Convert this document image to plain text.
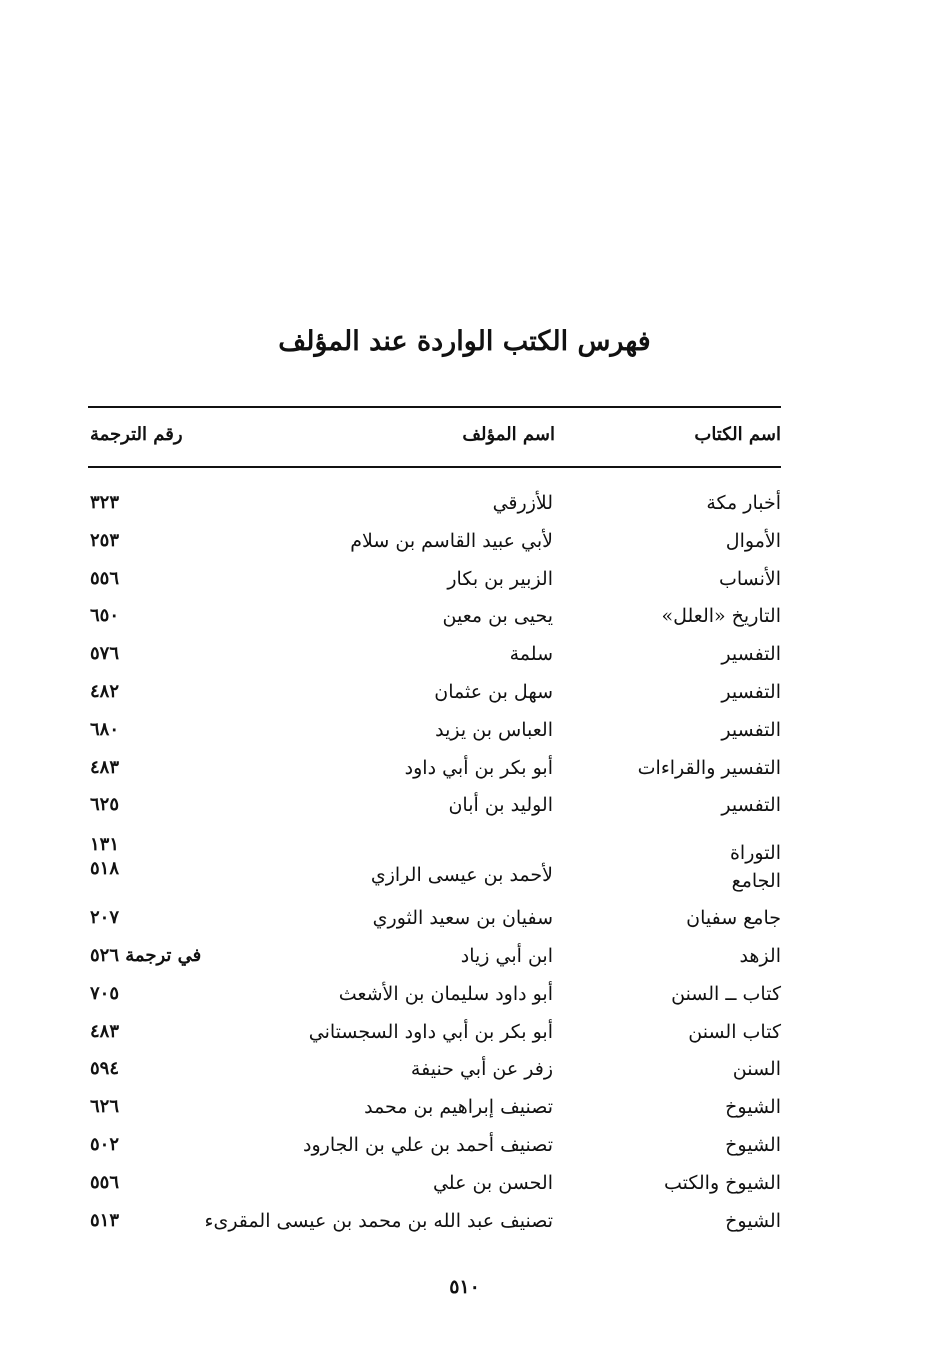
فهرس الكتب الواردة عند المؤلف
اسم الكتاب
اسم المؤلف
رقم الترجمة
أخبار مكة
للأزرقي
٣٢٣
الأموال
لأبي عبيد القاسم بن سلام
٢٥٣
الأنساب
الزبير بن بكار
٥٥٦
التاريخ «العلل»
يحيى بن معين
٦٥٠
التفسير
سلمة
٥٧٦
التفسير
سهل بن عثمان
٤٨٢
التفسير
العباس بن يزيد
٦٨٠
التفسير والقراءات
أبو بكر بن أبي داود
٤٨٣
التفسير
الوليد بن أبان
٦٢٥
التوراة
١٣١
الجامع
لأحمد بن عيسى الرازي
٥١٨
جامع سفيان
سفيان بن سعيد الثوري
٢٠٧
الزهد
ابن أبي زياد
في ترجمة ٥٢٦
كتاب ــ السنن
أبو داود سليمان بن الأشعث
٧٠٥
كتاب السنن
أبو بكر بن أبي داود السجستاني
٤٨٣
السنن
زفر عن أبي حنيفة
٥٩٤
الشيوخ
تصنيف إبراهيم بن محمد
٦٢٦
الشيوخ
تصنيف أحمد بن علي بن الجارود
٥٠٢
الشيوخ والكتب
الحسن بن علي
٥٥٦
الشيوخ
تصنيف عبد الله بن محمد بن عيسى المقرىء
٥١٣
٥١٠
